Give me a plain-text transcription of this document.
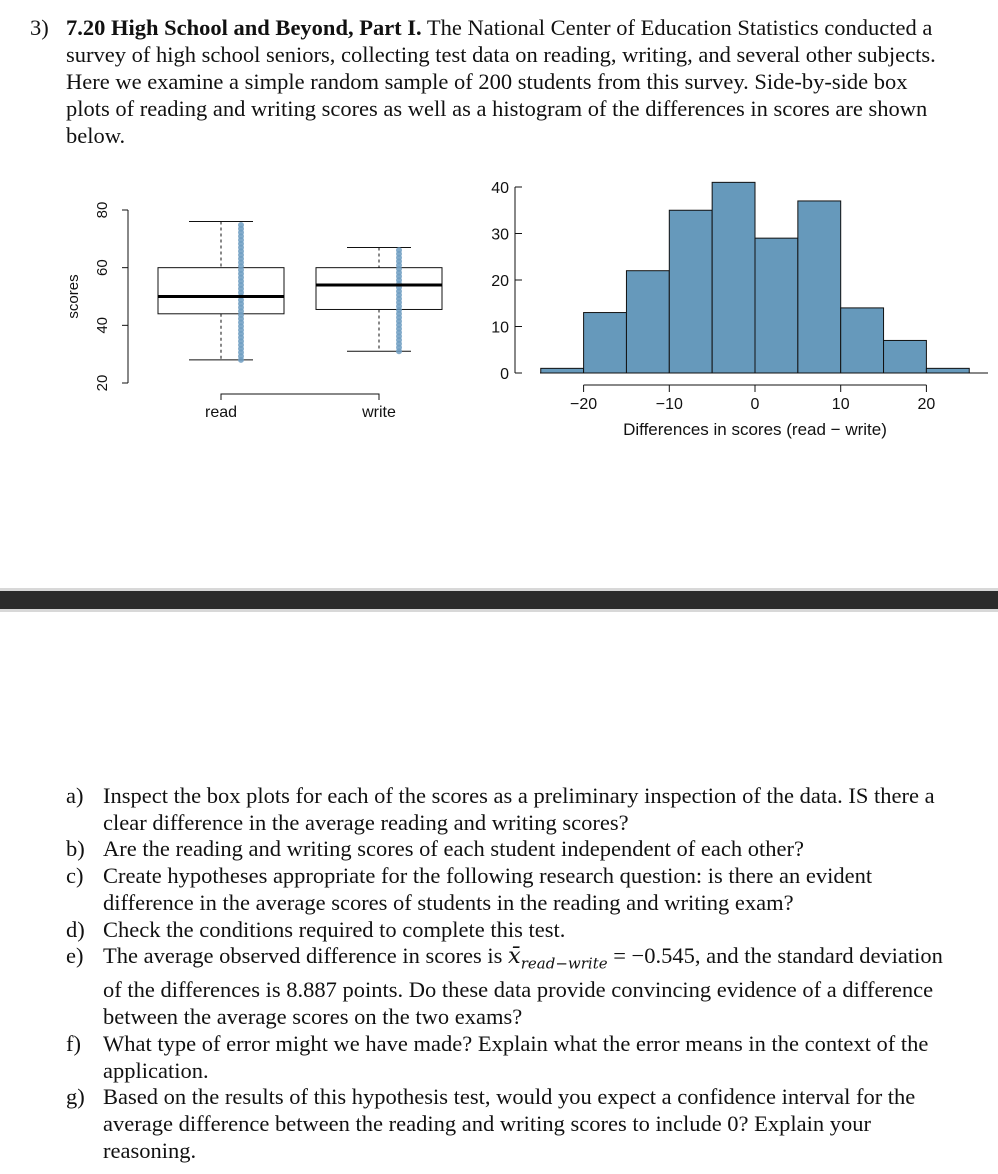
3) 7.20 High School and Beyond, Part I. The National Center of Education Statistics conducted a survey of high school seniors, collecting test data on reading, writing, and several other subjects. Here we examine a simple random sample of 200 students from this survey. Side-by-side box plots of reading and writing scores as well as a histogram of the differences in scores are shown below.
20
40
60
80
scores
read	write
0
10
20
30
40
−20	−10	0	10	20
Differences in scores (read − write)
a) Inspect the box plots for each of the scores as a preliminary inspection of the data. IS there a clear difference in the average reading and writing scores?
b) Are the reading and writing scores of each student independent of each other?
c) Create hypotheses appropriate for the following research question: is there an evident difference in the average scores of students in the reading and writing exam?
d) Check the conditions required to complete this test.
e) The average observed difference in scores is $x̄_{read-write} = -0.545$, and the standard deviation of the differences is 8.887 points. Do these data provide convincing evidence of a difference between the average scores on the two exams?
f) What type of error might we have made? Explain what the error means in the context of the application.
g) Based on the results of this hypothesis test, would you expect a confidence interval for the average difference between the reading and writing scores to include 0? Explain your reasoning.
